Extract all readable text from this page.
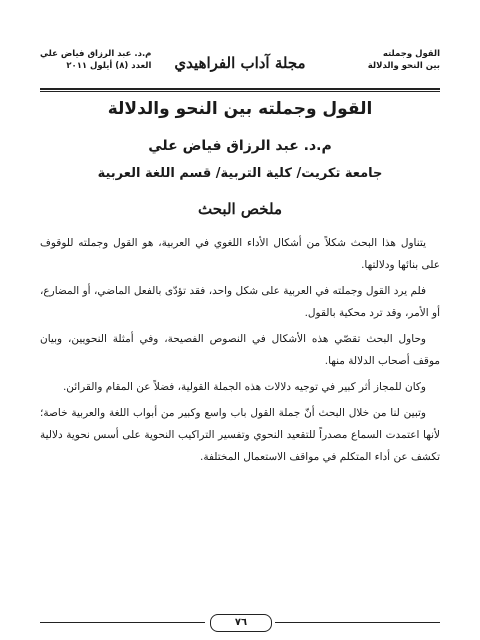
القول وجملته
بين النحو والدلالة
مجلة آداب الفراهيدي
م.د. عبد الرزاق فياض علي
العدد (٨) أيلول ٢٠١١
القول وجملته بين النحو والدلالة

م.د. عبد الرزاق فياض علي

جامعة تكريت/ كلية التربية/ قسم اللغة العربية

ملخص البحث

يتناول هذا البحث شكلاً من أشكال الأداء اللغوي في العربية، هو القول وجملته للوقوف على بنائها ودلالتها.

فلم يرد القول وجملته في العربية على شكل واحد، فقد تؤدّى بالفعل الماضي، أو المضارع، أو الأمر، وقد ترد محكية بالقول.

وحاول البحث تقصّي هذه الأشكال في النصوص الفصيحة، وفي أمثلة النحويين، وبيان موقف أصحاب الدلالة منها.

وكان للمجاز أثر كبير في توجيه دلالات هذه الجملة القولية، فضلاً عن المقام والقرائن.

وتبين لنا من خلال البحث أنّ جملة القول باب واسع وكبير من أبواب اللغة والعربية خاصة؛ لأنها اعتمدت السماع مصدراً للتقعيد النحوي وتفسير التراكيب النحوية على أسس نحوية دلالية تكشف عن أداء المتكلم في مواقف الاستعمال المختلفة.

٧٦
